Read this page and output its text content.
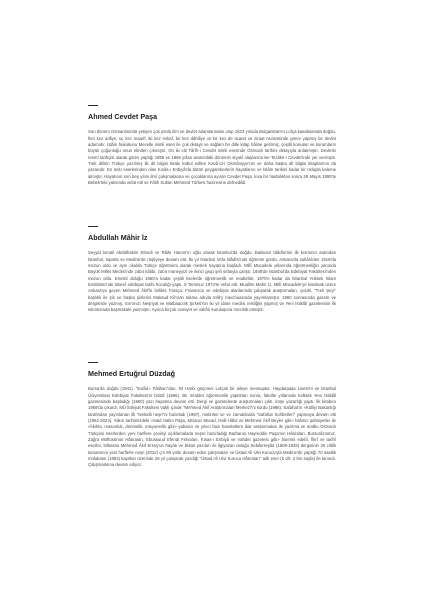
Ahmed Cevdet Paşa

Son dönem Osmanlısında yetişen çok yönlü ilim ve devlet adamlarından olup 1823 yılında Bulgaristan'ın Lofça kasabasında doğdu. İleri kez adliye, üç kez maarif, iki kez evkaf, bir kez dâhiliye ve bir kez de ticaret ve ziraat nezaretinde görev yapmış bir devlet adamıdır. İslâm hukukunu Mecelle isimli eseri ile çok detaylı ve sağlam bir dille kitap hâline getirmiş, çeşitli konuları ve kurumların büyük çoğunluğu onun elinden çıkmıştır. On iki cilt Târîh-i Cevdet isimli eserinde Osmanlı tarihini detayıyla anlatmıştır. Devletin resmî tarihçisi olarak görev yaptığı 1855 ve 1865 yılları arasındaki dönemin siyasî olaylarına ise Tezâkir-i Cevdet'inde yer vermiştir. Türk dilinin Türkçe yazılmış ilk dil bilgisi kitabı kabul edilen Kavâʿid-i Osmâniyye'nin ve daha başka dil bilgisi kitaplarının da yazarıdır. En ünlü eserlerinden olan Kısâs-ı Enbiyâ'da bütün peygamberlerin hayatlarını ve İslâm tarihini kadar bir üslupla kaleme almıştır. Hayatının son beş yılını ilmî çalışmalarına ve çocuklarına ayıran Cevdet Paşa, kısa bir hastalıktan sonra 26 Mayıs 1895'te Bebek'teki yalısında vefat etti ve Fâtih Sultan Mehmed Türbesi haziresine defnedildi.

Abdullah Mâhir İz

Seyyid İsmail Abdülhakim Efendi ve Râife Hanım'ın oğlu olarak İstanbul'da doğdu. Balıkesir İdâdîsi'nin ilk kısmının ardından İstanbul, Isparta ve Medine'de rüştiyeye devam etti. İki yıl İstanbul Vefa İdâdîsi'nde öğrenim gördü. Ankara'da sultânîden 1916'da mezun oldu ve aynı okulda Türkçe öğretmeni olarak meslek hayatına başladı. Millî Mücadele yıllarında öğretmenliğin yanında Büyük Millet Meclisi'nde zabıt kâtibi, zabıt müneyyizi ve ikinci grup şefi sıfatıyla çalıştı. 1938'de İstanbul'da Edebiyat Fakültesi'nden mezun oldu. Emekli olduğu 1960'a kadar çeşitli liselerde öğretmenlik ve müdürlük, 1970'e kadar da İstanbul Yüksek İslam Enstitüsü'nde İslamî edebiyat tarihi hocalığı yaptı. 9 Temmuz 1974'te vefat etti. Muallim Mahir İz, Millî Mücadele'ye katılmak üzere Ankara'ya geçen Mehmed Âkif'le birlikte Farsça, Fransızca ve edebiyat alanlarında çalışarak araştırmaları, çeşitli, "Türk Şeyi" başlıklı ile şiir ve başka şiirlerini Maksud Kîmran takma adıyla Sılâ'y mecmuasında yayımlamıştır. 1960 sonrasında gazete ve dergilerde yazmış, Sırrımızı Neşriyat ve Matbaacılık Şirketi'nin iki yıl idare meclisi reisliğini yapmış ve Yeni İstiklâl gazetesinin ilk sıkıntısında başmakale yazmıştır. Ayrıca birçok cemiyet ve vakfın kuruluşuna öncülük etmiştir.

Mehmed Ertuğrul Düzdağ

Bursa'da doğdu (1941). "Evlâd-ı Fâtihan"dan, 93 Harbi göçmeni Lofçalı bir aileye mensuptur. Haydarpaşa Lisesi'ni ve İstanbul Üniversitesi Edebiyat Fakültesi'ni bitirdi (1965). Bir müddet öğretmenlik yaptıktan sonra, fakülte yıllarında haftalık Yeni İstiklâl gazetesinde başladığı (1960) yazı hayatına devam etti. Dergi ve gazetelerde araştırmaları çıktı, köşe yazarlığı yaptı. İlk kitabını 1969'da çıkardı. MÜ İlahiyat Fakültesi Vakfı içinde "Mehmed Âkif Araştırmaları Merkezi"ni kurdu (1986), Safahat'ın «Külliyi Bakanlığı tarafından yayınlanan ilk "tenkidli neşri"ni hazırladı (1987), metinleri ve ve zamanlarda "Safahat Sohbetleri" yapmaya devam etti (1962-2023). Yakın tarihimizdeki «Said Halim Paşa, Mizancı Murad, Halil Hâlid ve Mehmed Âkif Beyler gibi» İslâmcı şahsiyetler ile «fıkıhla, masonluk, dönmelik, misyonerlik gibi» yabancı ve yıkıcı bazı hareketlere dair araştırmaları ile yazılma ve matbu Osmanlı Türkçesi eserlerden yeni harflere çeviriyi açıklamalarla neşre hazırladığı Barbaros Hayreddin Paşa'nın Hâtıraları, Bursorâzısmız, Zağra Müftüsünün Hâtıraları, Ebussuud Efendi Fetvaları, Kısas-ı Enbiyâ ve Vahdet gazetesi gibi» binerini edebî, fikrî ve tarihî eserler, bilhassa Mehmed Âkif Ersoy'un hayatı ve bütün yazıları ile ilgiyazan olduğu Sebilürreşâd (1908-1925) dergisinin 25 ciltlik tamamının yeni harflerle neşri (2022) çın 60 yıldır devam eden çalışmaları ve Üstad Ali Ulvi Kurucu'yla Medine'de yaptığı 70 saatlik mülakatın (1993) kayıtları üzerinde 26 yıl çalışarak yazdığı "Üstad Ali Ulvi Kurucu Hâtıraları" adlı eser (5 cilt, 2 bin sayfa) ile tanındı. Çalışmalarına devam ediyor.
